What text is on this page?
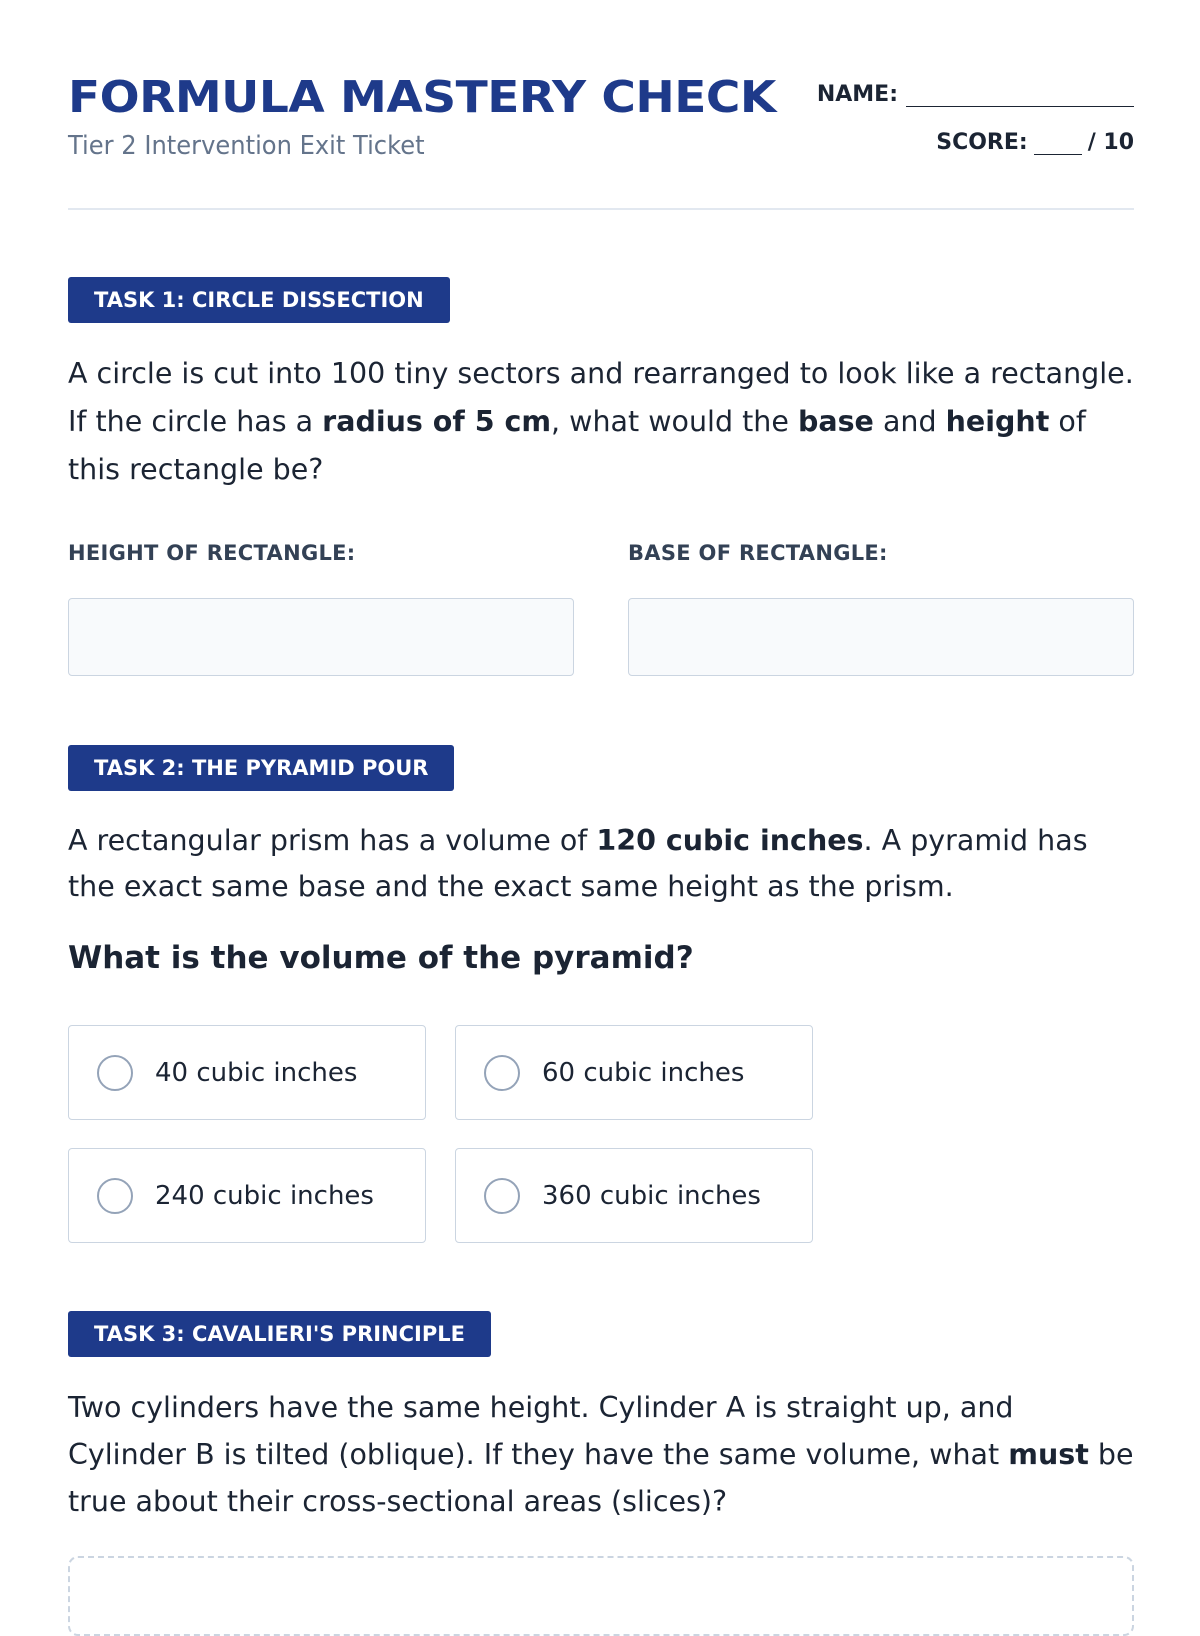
FORMULA MASTERY CHECK
Tier 2 Intervention Exit Ticket
NAME:
SCORE:	/ 10
TASK 1: CIRCLE DISSECTION

A circle is cut into 100 tiny sectors and rearranged to look like a rectangle. If the circle has a radius of 5 cm, what would the base and height of this rectangle be?

HEIGHT OF RECTANGLE:	BASE OF RECTANGLE:
TASK 2: THE PYRAMID POUR

A rectangular prism has a volume of 120 cubic inches. A pyramid has the exact same base and the exact same height as the prism.

What is the volume of the pyramid?
40 cubic inches	60 cubic inches
240 cubic inches	360 cubic inches
TASK 3: CAVALIERI'S PRINCIPLE

Two cylinders have the same height. Cylinder A is straight up, and Cylinder B is tilted (oblique). If they have the same volume, what must be true about their cross-sectional areas (slices)?
